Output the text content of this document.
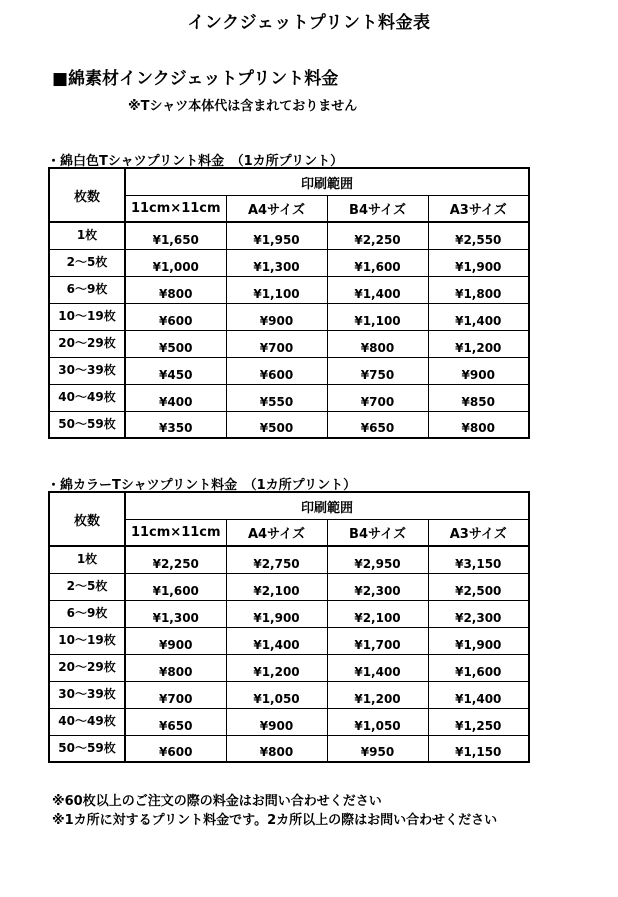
インクジェットプリント料金表
■綿素材インクジェットプリント料金
※Tシャツ本体代は含まれておりません
・綿白色Tシャツプリント料金　（1カ所プリント）
枚数	印刷範囲			
	11cm×11cm	A4サイズ	B4サイズ	A3サイズ
1枚	¥1,650	¥1,950	¥2,250	¥2,550
2～5枚	¥1,000	¥1,300	¥1,600	¥1,900
6～9枚	¥800	¥1,100	¥1,400	¥1,800
10～19枚	¥600	¥900	¥1,100	¥1,400
20～29枚	¥500	¥700	¥800	¥1,200
30～39枚	¥450	¥600	¥750	¥900
40～49枚	¥400	¥550	¥700	¥850
50～59枚	¥350	¥500	¥650	¥800
・綿カラーTシャツプリント料金　（1カ所プリント）
枚数	印刷範囲			
	11cm×11cm	A4サイズ	B4サイズ	A3サイズ
1枚	¥2,250	¥2,750	¥2,950	¥3,150
2～5枚	¥1,600	¥2,100	¥2,300	¥2,500
6～9枚	¥1,300	¥1,900	¥2,100	¥2,300
10～19枚	¥900	¥1,400	¥1,700	¥1,900
20～29枚	¥800	¥1,200	¥1,400	¥1,600
30～39枚	¥700	¥1,050	¥1,200	¥1,400
40～49枚	¥650	¥900	¥1,050	¥1,250
50～59枚	¥600	¥800	¥950	¥1,150
※60枚以上のご注文の際の料金はお問い合わせください
※1カ所に対するプリント料金です。2カ所以上の際はお問い合わせください
